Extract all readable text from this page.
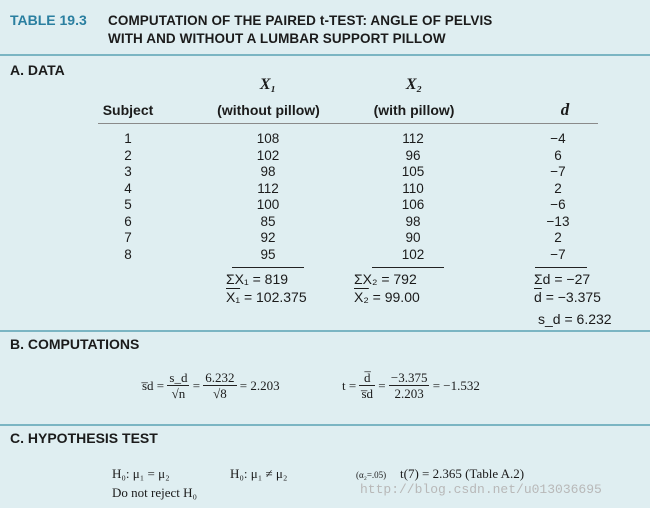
TABLE 19.3 COMPUTATION OF THE PAIRED t-TEST: ANGLE OF PELVIS
WITH AND WITHOUT A LUMBAR SUPPORT PILLOW
A. DATA
X₁
(without pillow)
X₂
(with pillow)
Subject	d
1	108	112	−4
2	102	96	6
3	98	105	−7
4	112	110	2
5	100	106	−6
6	85	98	−13
7	92	90	2
8	95	102	−7
ΣX₁ = 819
X₁ = 102.375
ΣX₂ = 792
X₂ = 99.00
Σd = −27
$\overline{d} = -3.375$
s_d = 6.232
B. COMPUTATIONS
s̅d = $\frac{s\_d}{√n} = \frac{6.232}{√8} = 2.203$	$t = \frac{d̅}{s̅d} = \frac{-3.375}{2.203} = -1.532$
C. HYPOTHESIS TEST
H₀: μ₁ = μ₂	H₀: μ₁ ≠ μ₂	(α₂=.05) t(7) = 2.365 (Table A.2)
Do not reject H₀	http://blog.csdn.net/u013036695
